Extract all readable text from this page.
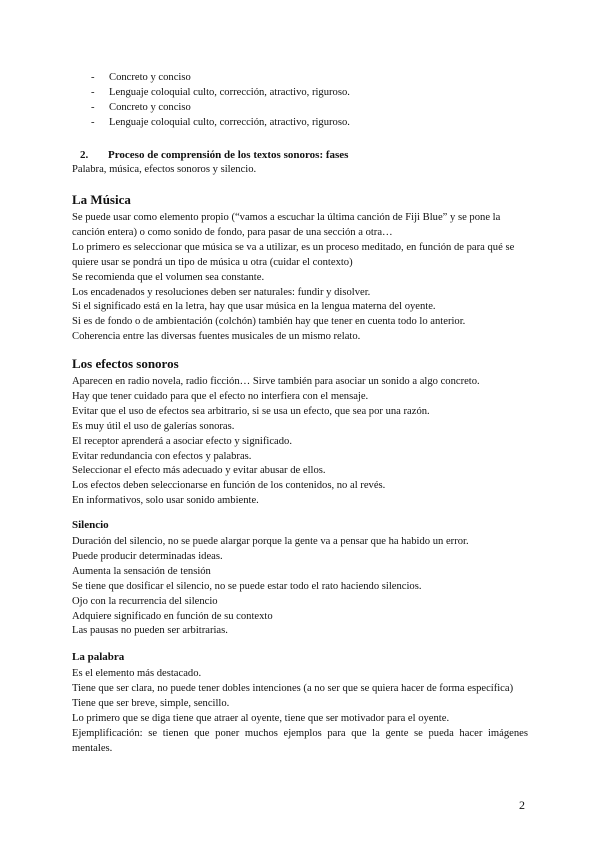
- Concreto y conciso
- Lenguaje coloquial culto, corrección, atractivo, riguroso.
- Concreto y conciso
- Lenguaje coloquial culto, corrección, atractivo, riguroso.
2. Proceso de comprensión de los textos sonoros: fases
Palabra, música, efectos sonoros y silencio.
La Música

Se puede usar como elemento propio (“vamos a escuchar la última canción de Fiji Blue” y se pone la canción entera) o como sonido de fondo, para pasar de una sección a otra…

Lo primero es seleccionar que música se va a utilizar, es un proceso meditado, en función de para qué se quiere usar se pondrá un tipo de música u otra (cuidar el contexto)

Se recomienda que el volumen sea constante.

Los encadenados y resoluciones deben ser naturales: fundir y disolver.

Si el significado está en la letra, hay que usar música en la lengua materna del oyente.

Si es de fondo o de ambientación (colchón) también hay que tener en cuenta todo lo anterior.

Coherencia entre las diversas fuentes musicales de un mismo relato.

Los efectos sonoros

Aparecen en radio novela, radio ficción… Sirve también para asociar un sonido a algo concreto.

Hay que tener cuidado para que el efecto no interfiera con el mensaje.

Evitar que el uso de efectos sea arbitrario, si se usa un efecto, que sea por una razón.

Es muy útil el uso de galerías sonoras.

El receptor aprenderá a asociar efecto y significado.

Evitar redundancia con efectos y palabras.

Seleccionar el efecto más adecuado y evitar abusar de ellos.

Los efectos deben seleccionarse en función de los contenidos, no al revés.

En informativos, solo usar sonido ambiente.

Silencio

Duración del silencio, no se puede alargar porque la gente va a pensar que ha habido un error.

Puede producir determinadas ideas.

Aumenta la sensación de tensión

Se tiene que dosificar el silencio, no se puede estar todo el rato haciendo silencios.

Ojo con la recurrencia del silencio

Adquiere significado en función de su contexto

Las pausas no pueden ser arbitrarias.

La palabra

Es el elemento más destacado.

Tiene que ser clara, no puede tener dobles intenciones (a no ser que se quiera hacer de forma específica)

Tiene que ser breve, simple, sencillo.

Lo primero que se diga tiene que atraer al oyente, tiene que ser motivador para el oyente.

Ejemplificación: se tienen que poner muchos ejemplos para que la gente se pueda hacer imágenes mentales.

2
